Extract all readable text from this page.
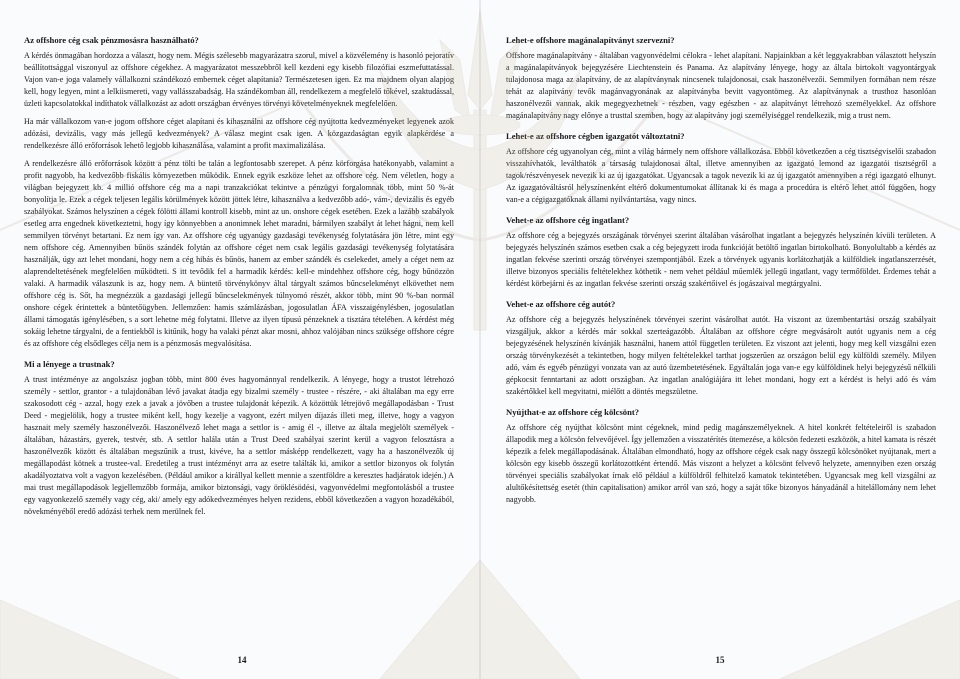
Az offshore cég csak pénzmosásra használható?

A kérdés önmagában hordozza a választ, hogy nem. Mégis szélesebb magyarázatra szorul, mivel a közvélemény is hasonló pejoratív beállítottsággal viszonyul az offshore cégekhez. A magyarázatot messzebbről kell kezdeni egy kisebb filozófiai eszmefuttatással. Vajon van-e joga valamely vállalkozni szándékozó embernek céget alapítania? Természetesen igen. Ez ma majdnem olyan alapjog kell, hogy legyen, mint a lelkiismereti, vagy vallásszabadság. Ha szándékomban áll, rendelkezem a megfelelő tőkével, szaktudással, üzleti kapcsolatokkal indíthatok vállalkozást az adott országban érvényes törvényi követelményeknek megfelelően.

Ha már vállalkozom van-e jogom offshore céget alapítani és kihasználni az offshore cég nyújtotta kedvezményeket legyenek azok adózási, devizális, vagy más jellegű kedvezmények? A válasz megint csak igen. A közgazdaságtan egyik alapkérdése a rendelkezésre álló erőforrások lehető legjobb kihasználása, valamint a profit maximalizálása.

A rendelkezésre álló erőforrások között a pénz tölti be talán a legfontosabb szerepet. A pénz körforgása hatékonyabb, valamint a profit nagyobb, ha kedvezőbb fiskális környezetben működik. Ennek egyik eszköze lehet az offshore cég. Nem véletlen, hogy a világban bejegyzett kb. 4 millió offshore cég ma a napi tranzakciókat tekintve a pénzügyi forgalomnak több, mint 50 %-át bonyolítja le. Ezek a cégek teljesen legális körülmények között jöttek létre, kihasználva a kedvezőbb adó-, vám-, devizális és egyéb szabályokat. Számos helyszínen a cégek fölötti állami kontroll kisebb, mint az un. onshore cégek esetében. Ezek a lazább szabályok esetleg arra engednek következtetni, hogy így könnyebben a anonimnek lehet maradni, bármilyen szabályt át lehet hágni, nem kell semmilyen törvényt betartani. Ez nem így van. Az offshore cég ugyanúgy gazdasági tevékenység folytatására jön létre, mint egy nem offshore cég. Amennyiben bűnös szándék folytán az offshore céget nem csak legális gazdasági tevékenység folytatására használják, úgy azt lehet mondani, hogy nem a cég hibás és bűnös, hanem az ember szándék és cselekedet, amely a céget nem az alaprendeltetésének megfelelően működteti. S itt tevődik fel a harmadik kérdés: kell-e mindehhez offshore cég, hogy bűnözzön valaki. A harmadik válaszunk is az, hogy nem. A büntető törvénykönyv által tárgyalt számos bűncselekményt elkövethet nem offshore cég is. Sőt, ha megnézzük a gazdasági jellegű bűncselekmények túlnyomó részét, akkor több, mint 90 %-ban normál onshore cégek érintettek a büntetőügyben. Jellemzően: hamis számlázásban, jogosulatlan ÁFA visszaigénylésben, jogosulatlan állami támogatás igénylésében, s a sort lehetne még folytatni. Illetve az ilyen típusú pénzeknek a tisztára tételében. A kérdést még sokáig lehetne tárgyalni, de a fentiekből is kitűnik, hogy ha valaki pénzt akar mosni, ahhoz valójában nincs szüksége offshore cégre és az offshore cég elsődleges célja nem is a pénzmosás megvalósítása.

Mi a lényege a trustnak?

A trust intézménye az angolszász jogban több, mint 800 éves hagyománnyal rendelkezik. A lényege, hogy a trustot létrehozó személy - settlor, grantor - a tulajdonában lévő javakat átadja egy bizalmi személy - trustee - részére, - aki általában ma egy erre szakosodott cég - azzal, hogy ezek a javak a jövőben a trustee tulajdonát képezik. A közöttük létrejövő megállapodásban - Trust Deed - megjelölik, hogy a trustee miként kell, hogy kezelje a vagyont, ezért milyen díjazás illeti meg, illetve, hogy a vagyon hasznait mely személy haszonélvezői. Haszonélvező lehet maga a settlor is - amig él -, illetve az általa megjelölt személyek - általában, házastárs, gyerek, testvér, stb. A settlor halála után a Trust Deed szabályai szerint kerül a vagyon felosztásra a haszonélvezők között és általában megszűnik a trust, kivéve, ha a settlor másképp rendelkezett, vagy ha a haszonélvezők új megállapodást kötnek a trustee-val. Eredetileg a trust intézményt arra az esetre találták ki, amikor a settlor bizonyos ok folytán akadályoztatva volt a vagyon kezelésében. (Például amikor a királlyal kellett mennie a szentföldre a keresztes hadjáratok idején.) A mai trust megállapodások legjellemzőbb formája, amikor biztonsági, vagy öröklésödési, vagyonvédelmi megfontolásból a trustee egy vagyonkezelő személy vagy cég, aki/ amely egy adókedvezményes helyen rezidens, ebből következően a vagyon hozadékából, növekményéből eredő adózási terhek nem merülnek fel.

14
Lehet-e offshore magánalapítványt szervezni?

Offshore magánalapítvány - általában vagyonvédelmi célokra - lehet alapítani. Napjainkban a két leggyakrabban választott helyszín a magánalapítványok bejegyzésére Liechtenstein és Panama. Az alapítvány lényege, hogy az általa birtokolt vagyontárgyak tulajdonosa maga az alapítvány, de az alapítványnak nincsenek tulajdonosai, csak haszonélvezői. Semmilyen formában nem része tehát az alapítvány tevők magánvagyonának az alapítványba bevitt vagyontömeg. Az alapítványnak a trusthoz hasonlóan haszonélvezői vannak, akik megegyezhetnek - részben, vagy egészben - az alapítványt létrehozó személyekkel. Az offshore magánalapítvány nagy előnye a trusttal szemben, hogy az alapítvány jogi személyiséggel rendelkezik, mig a trust nem.

Lehet-e az offshore cégben igazgatót változtatni?

Az offshore cég ugyanolyan cég, mint a világ bármely nem offshore vállalkozása. Ebből következően a cég tisztségviselői szabadon visszahívhatók, leválthatók a társaság tulajdonosai által, illetve amennyiben az igazgató lemond az igazgatói tisztségről a tagok/részvényesek nevezik ki az új igazgatókat. Ugyancsak a tagok nevezik ki az új igazgatót amennyiben a régi igazgató elhunyt. Az igazgatóváltásról helyszínenként eltérő dokumentumokat állítanak ki és maga a procedúra is eltérő lehet attól függően, hogy van-e a cégigazgatóknak állami nyilvántartása, vagy nincs.

Vehet-e az offshore cég ingatlant?

Az offshore cég a bejegyzés országának törvényei szerint általában vásárolhat ingatlant a bejegyzés helyszínén kívüli területen. A bejegyzés helyszínén számos esetben csak a cég bejegyzett iroda funkcióját betöltő ingatlan birtokolható. Bonyolultabb a kérdés az ingatlan fekvése szerinti ország törvényei szempontjából. Ezek a törvények ugyanis korlátozhatják a külföldiek ingatlanszerzését, illetve bizonyos speciális feltételekhez köthetik - nem vehet például műemlék jellegű ingatlant, vagy termőföldet. Érdemes tehát a kérdést körbejárni és az ingatlan fekvése szerinti ország szakértőivel és jogászaival megtárgyalni.

Vehet-e az offshore cég autót?

Az offshore cég a bejegyzés helyszínének törvényei szerint vásárolhat autót. Ha viszont az üzembentartási ország szabályait vizsgáljuk, akkor a kérdés már sokkal szerteágazóbb. Általában az offshore cégre megvásárolt autót ugyanis nem a cég bejegyzésének helyszínén kívánják használni, hanem attól független területen. Ez viszont azt jelenti, hogy meg kell vizsgálni ezen ország törvénykezését a tekintetben, hogy milyen feltételekkel tarthat jogszerűen az országon belül egy külföldi személy. Milyen adó, vám és egyéb pénzügyi vonzata van az autó üzembetetésének. Egyáltalán joga van-e egy külföldinek helyi bejegyzésű nélküli gépkocsit fenntartani az adott országban. Az ingatlan analógiájára itt lehet mondani, hogy ezt a kérdést is helyi adó és vám szakértőkkel kell megvitatni, miélőtt a döntés megszületne.

Nyújthat-e az offshore cég kölcsönt?

Az offshore cég nyújthat kölcsönt mint cégeknek, mind pedig magánszemélyeknek. A hitel konkrét feltételeiről is szabadon állapodik meg a kölcsön felvevőjével. Így jellemzően a visszatérítés ütemezése, a kölcsön fedezeti eszközök, a hitel kamata is részét képezik a felek megállapodásának. Általában elmondható, hogy az offshore cégek csak nagy összegű kölcsönöket nyújtanak, mert a kölcsön egy kisebb összegű korlátozottként értendő. Más viszont a helyzet a kölcsönt felvevő helyzete, amennyiben ezen ország törvényei speciális szabályokat írnak elő például a külföldről felhitelző kamatok tekintetében. Ugyancsak meg kell vizsgálni az alultőkésítettség esetét (thin capitalisation) amikor arról van szó, hogy a saját tőke bizonyos hányadánál a hitelállomány nem lehet nagyobb.

15
